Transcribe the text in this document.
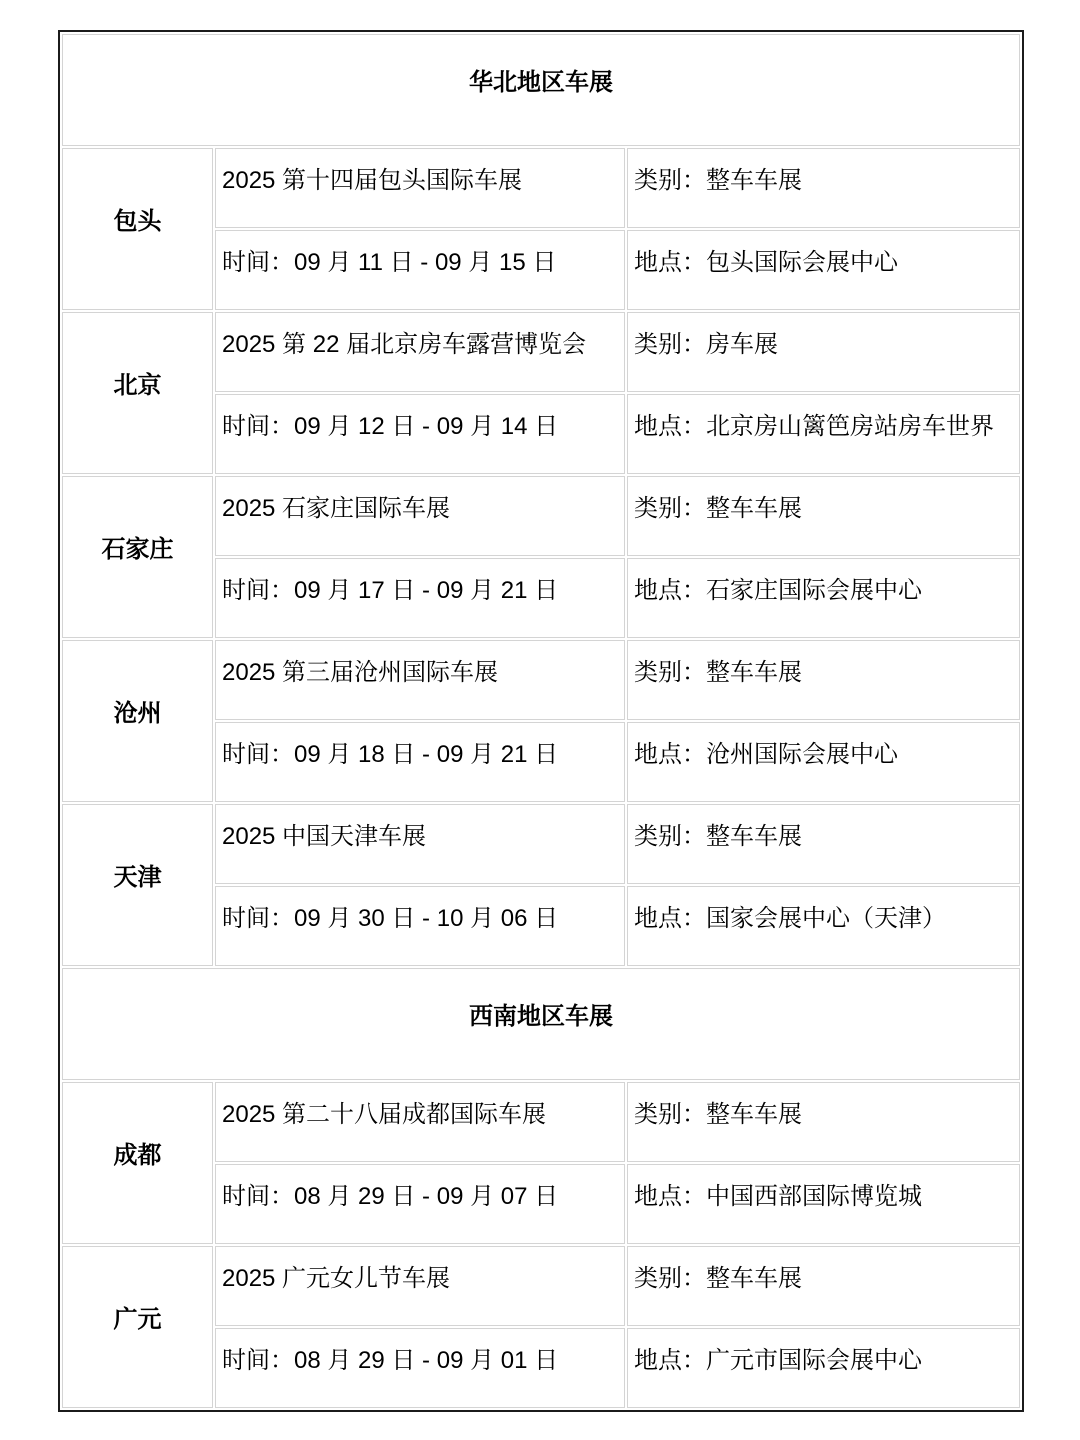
华北地区车展		
包头	2025 第十四届包头国际车展	类别：整车车展
	时间：09 月 11 日 - 09 月 15 日	地点：包头国际会展中心
北京	2025 第 22 届北京房车露营博览会	类别：房车展
	时间：09 月 12 日 - 09 月 14 日	地点：北京房山篱笆房站房车世界
石家庄	2025 石家庄国际车展	类别：整车车展
	时间：09 月 17 日 - 09 月 21 日	地点：石家庄国际会展中心
沧州	2025 第三届沧州国际车展	类别：整车车展
	时间：09 月 18 日 - 09 月 21 日	地点：沧州国际会展中心
天津	2025 中国天津车展	类别：整车车展
	时间：09 月 30 日 - 10 月 06 日	地点：国家会展中心（天津）
西南地区车展		
成都	2025 第二十八届成都国际车展	类别：整车车展
	时间：08 月 29 日 - 09 月 07 日	地点：中国西部国际博览城
广元	2025 广元女儿节车展	类别：整车车展
	时间：08 月 29 日 - 09 月 01 日	地点：广元市国际会展中心
